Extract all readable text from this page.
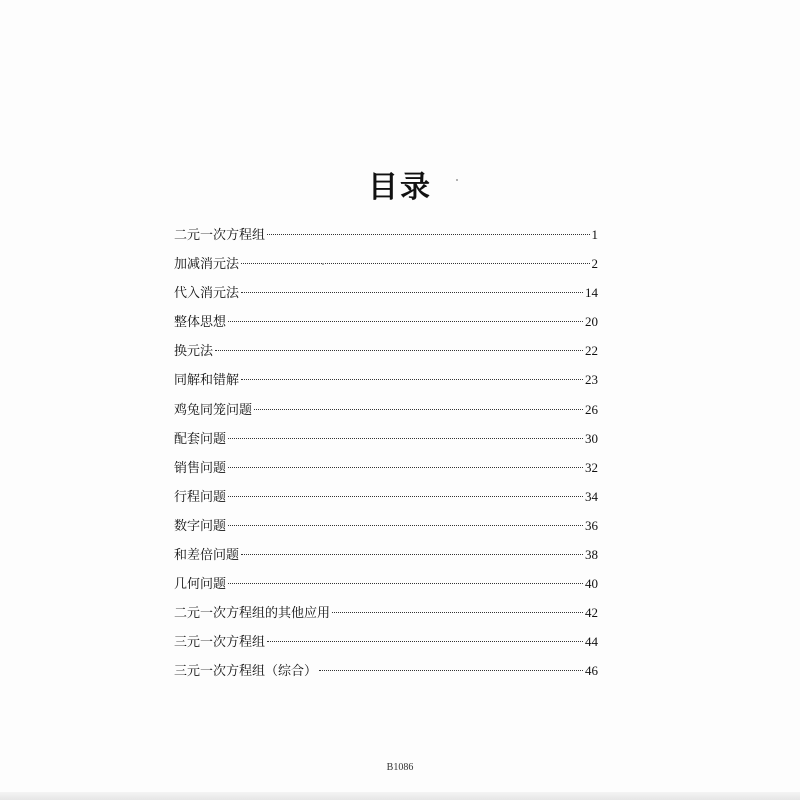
目录
二元一次方程组	1
加减消元法	2
代入消元法	14
整体思想	20
换元法	22
同解和错解	23
鸡兔同笼问题	26
配套问题	30
销售问题	32
行程问题	34
数字问题	36
和差倍问题	38
几何问题	40
二元一次方程组的其他应用	42
三元一次方程组	44
三元一次方程组（综合）	46
B1086
